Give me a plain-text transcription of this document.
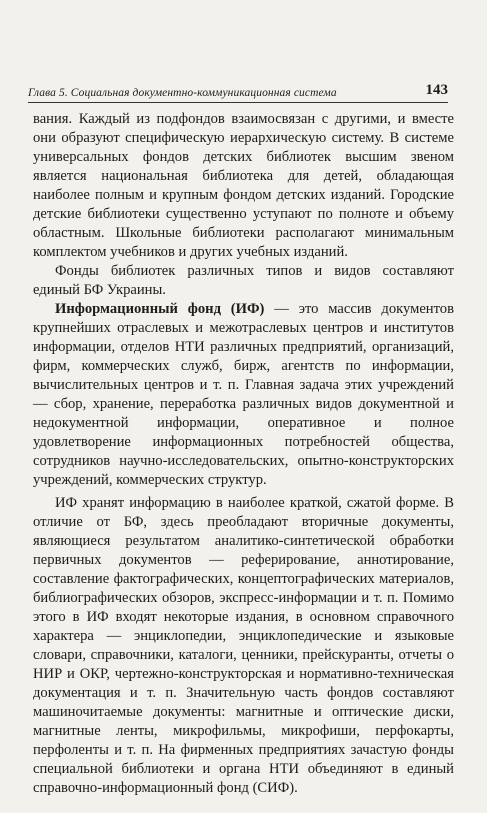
Глава 5. Социальная документно-коммуникационная система	143

вания. Каждый из подфондов взаимосвязан с другими, и вместе они образуют специфическую иерархическую систему. В системе универсальных фондов детских библиотек высшим звеном является национальная библиотека для детей, обладающая наиболее полным и крупным фондом детских изданий. Городские детские библиотеки существенно уступают по полноте и объему областным. Школьные библиотеки располагают минимальным комплектом учебников и других учебных изданий.

Фонды библиотек различных типов и видов составляют единый БФ Украины.

Информационный фонд (ИФ) — это массив документов крупнейших отраслевых и межотраслевых центров и институтов информации, отделов НТИ различных предприятий, организаций, фирм, коммерческих служб, бирж, агентств по информации, вычислительных центров и т. п. Главная задача этих учреждений — сбор, хранение, переработка различных видов документной и недокументной информации, оперативное и полное удовлетворение информационных потребностей общества, сотрудников научно-исследовательских, опытно-конструкторских учреждений, коммерческих структур.

ИФ хранят информацию в наиболее краткой, сжатой форме. В отличие от БФ, здесь преобладают вторичные документы, являющиеся результатом аналитико-синтетической обработки первичных документов — реферирование, аннотирование, составление фактографических, концептографических материалов, библиографических обзоров, экспресс-информации и т. п. Помимо этого в ИФ входят некоторые издания, в основном справочного характера — энциклопедии, энциклопедические и языковые словари, справочники, каталоги, ценники, прейскуранты, отчеты о НИР и ОКР, чертежно-конструкторская и нормативно-техническая документация и т. п. Значительную часть фондов составляют машиночитаемые документы: магнитные и оптические диски, магнитные ленты, микрофильмы, микрофиши, перфокарты, перфоленты и т. п. На фирменных предприятиях зачастую фонды специальной библиотеки и органа НТИ объединяют в единый справочно-информационный фонд (СИФ).
